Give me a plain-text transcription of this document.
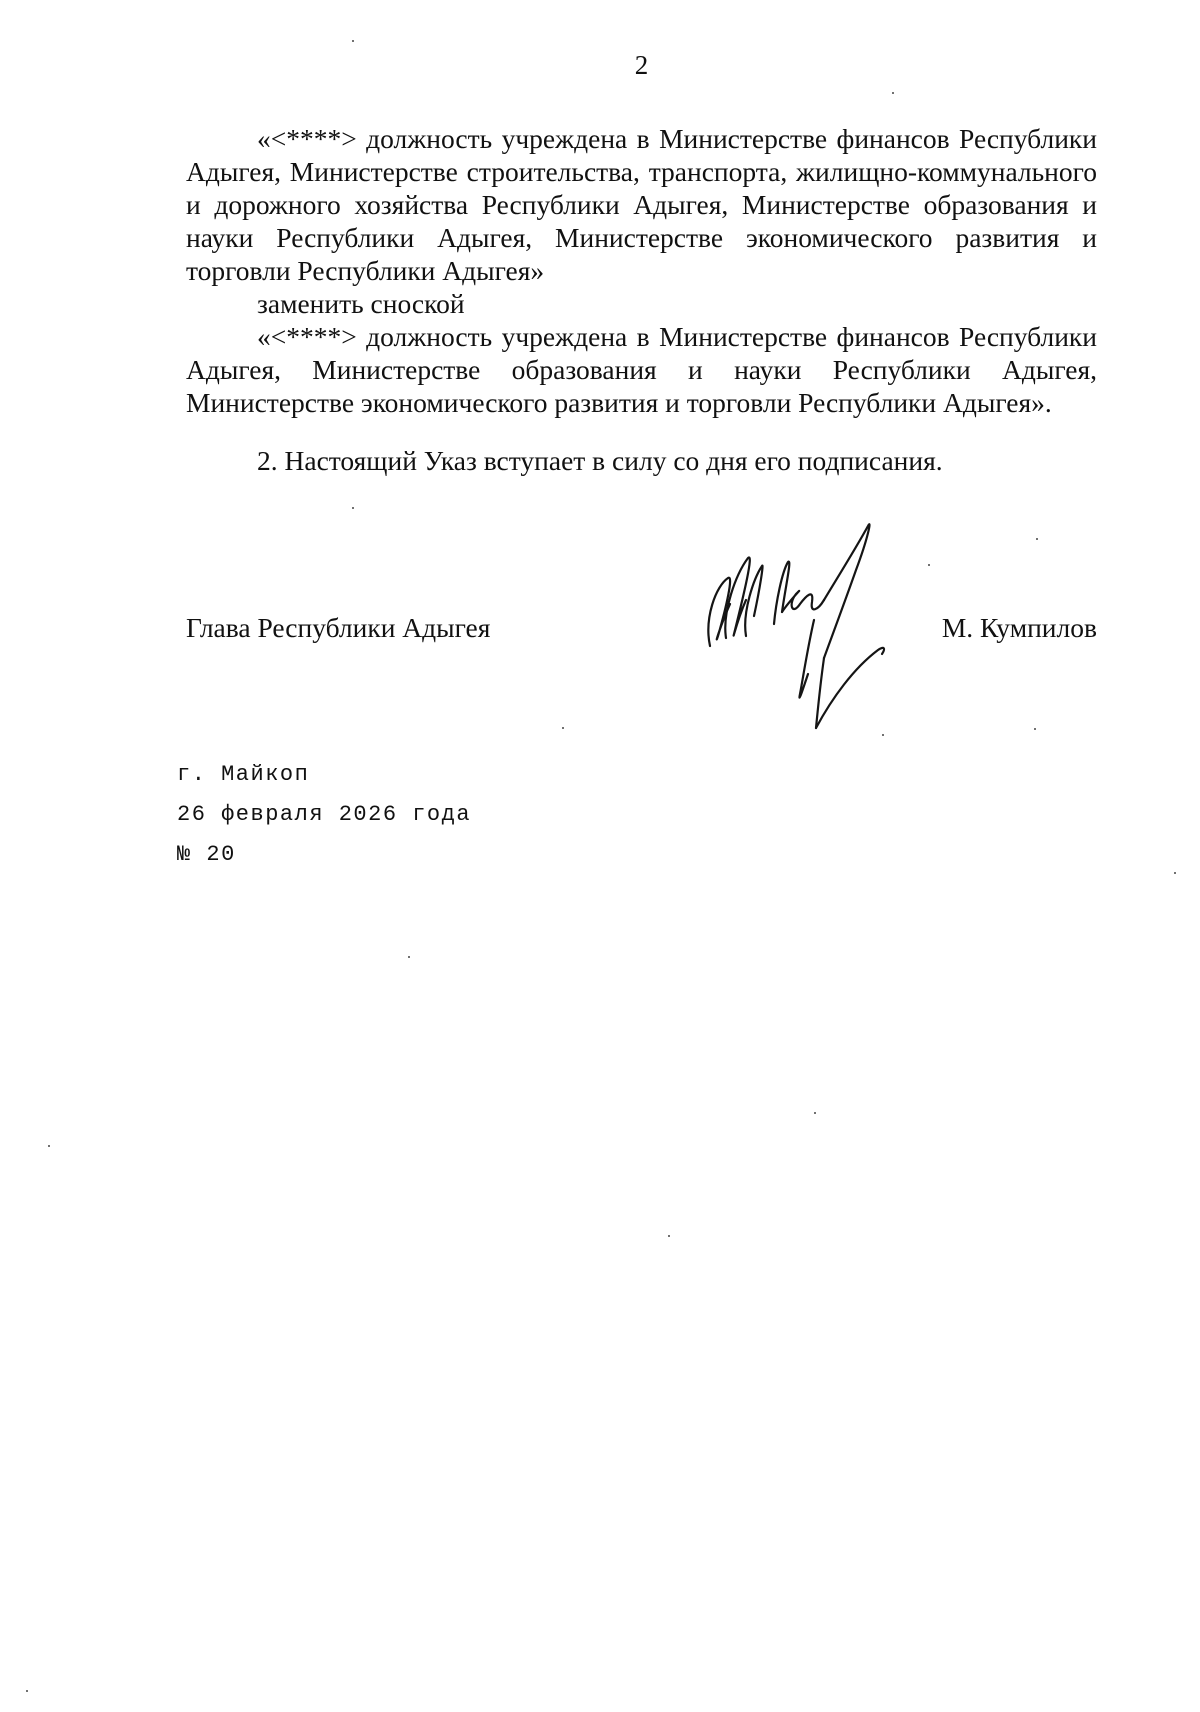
2

«<****> должность учреждена в Министерстве финансов Республики Адыгея, Министерстве строительства, транспорта, жилищно-коммунального и дорожного хозяйства Республики Адыгея, Министерстве образования и науки Республики Адыгея, Министерстве экономического развития и торговли Республики Адыгея»

заменить сноской

«<****> должность учреждена в Министерстве финансов Республики Адыгея, Министерстве образования и науки Республики Адыгея, Министерстве экономического развития и торговли Республики Адыгея».

2. Настоящий Указ вступает в силу со дня его подписания.

Глава Республики Адыгея	М. Кумпилов
г. Майкоп
26 февраля 2026 года
№ 20
